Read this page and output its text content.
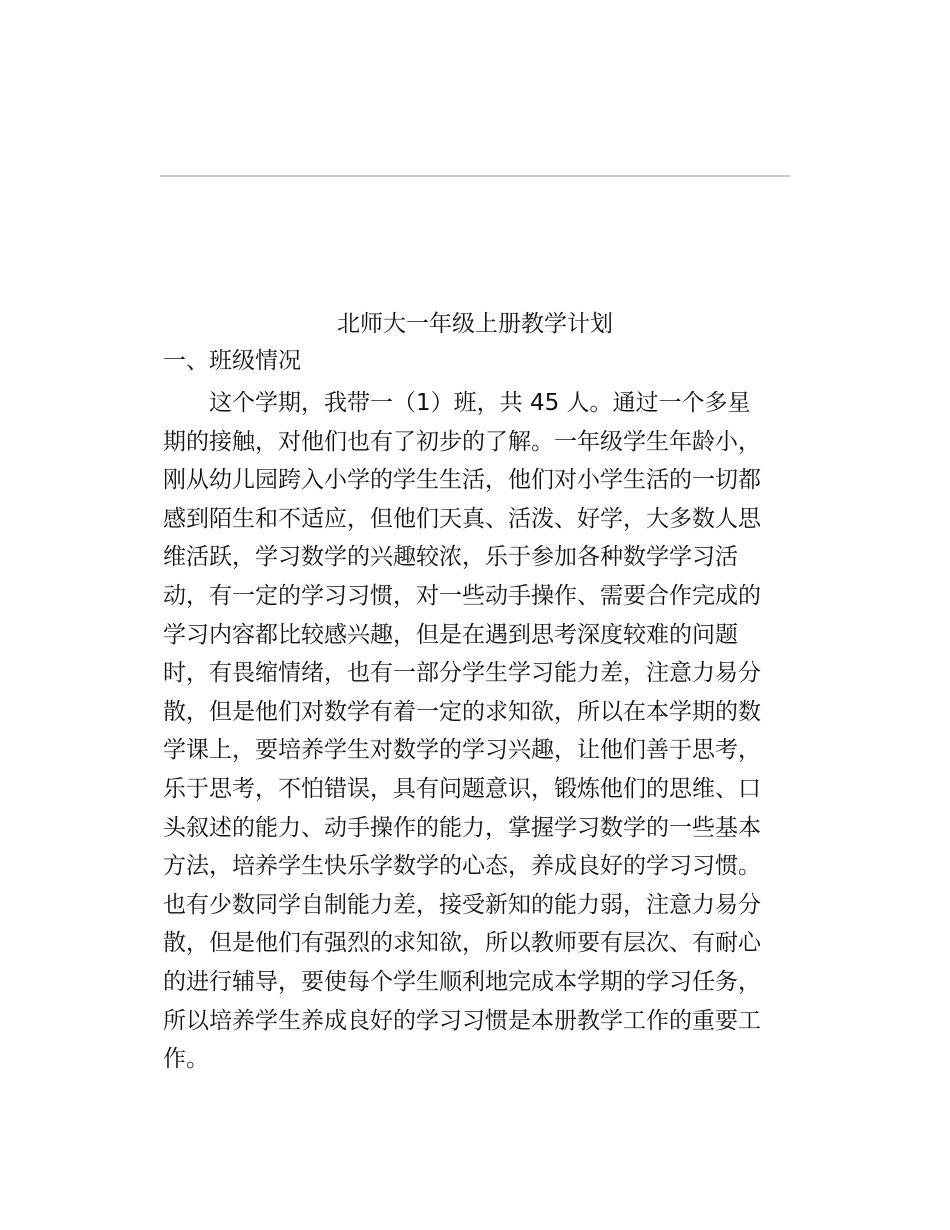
北师大一年级上册教学计划
一、班级情况
这个学期，我带一（1）班，共 45 人。通过一个多星
期的接触，对他们也有了初步的了解。一年级学生年龄小，
刚从幼儿园跨入小学的学生生活，他们对小学生活的一切都
感到陌生和不适应，但他们天真、活泼、好学，大多数人思
维活跃，学习数学的兴趣较浓，乐于参加各种数学学习活
动，有一定的学习习惯，对一些动手操作、需要合作完成的
学习内容都比较感兴趣，但是在遇到思考深度较难的问题
时，有畏缩情绪，也有一部分学生学习能力差，注意力易分
散，但是他们对数学有着一定的求知欲，所以在本学期的数
学课上，要培养学生对数学的学习兴趣，让他们善于思考，
乐于思考，不怕错误，具有问题意识，锻炼他们的思维、口
头叙述的能力、动手操作的能力，掌握学习数学的一些基本
方法，培养学生快乐学数学的心态，养成良好的学习习惯。
也有少数同学自制能力差，接受新知的能力弱，注意力易分
散，但是他们有强烈的求知欲，所以教师要有层次、有耐心
的进行辅导，要使每个学生顺利地完成本学期的学习任务，
所以培养学生养成良好的学习习惯是本册教学工作的重要工
作。
